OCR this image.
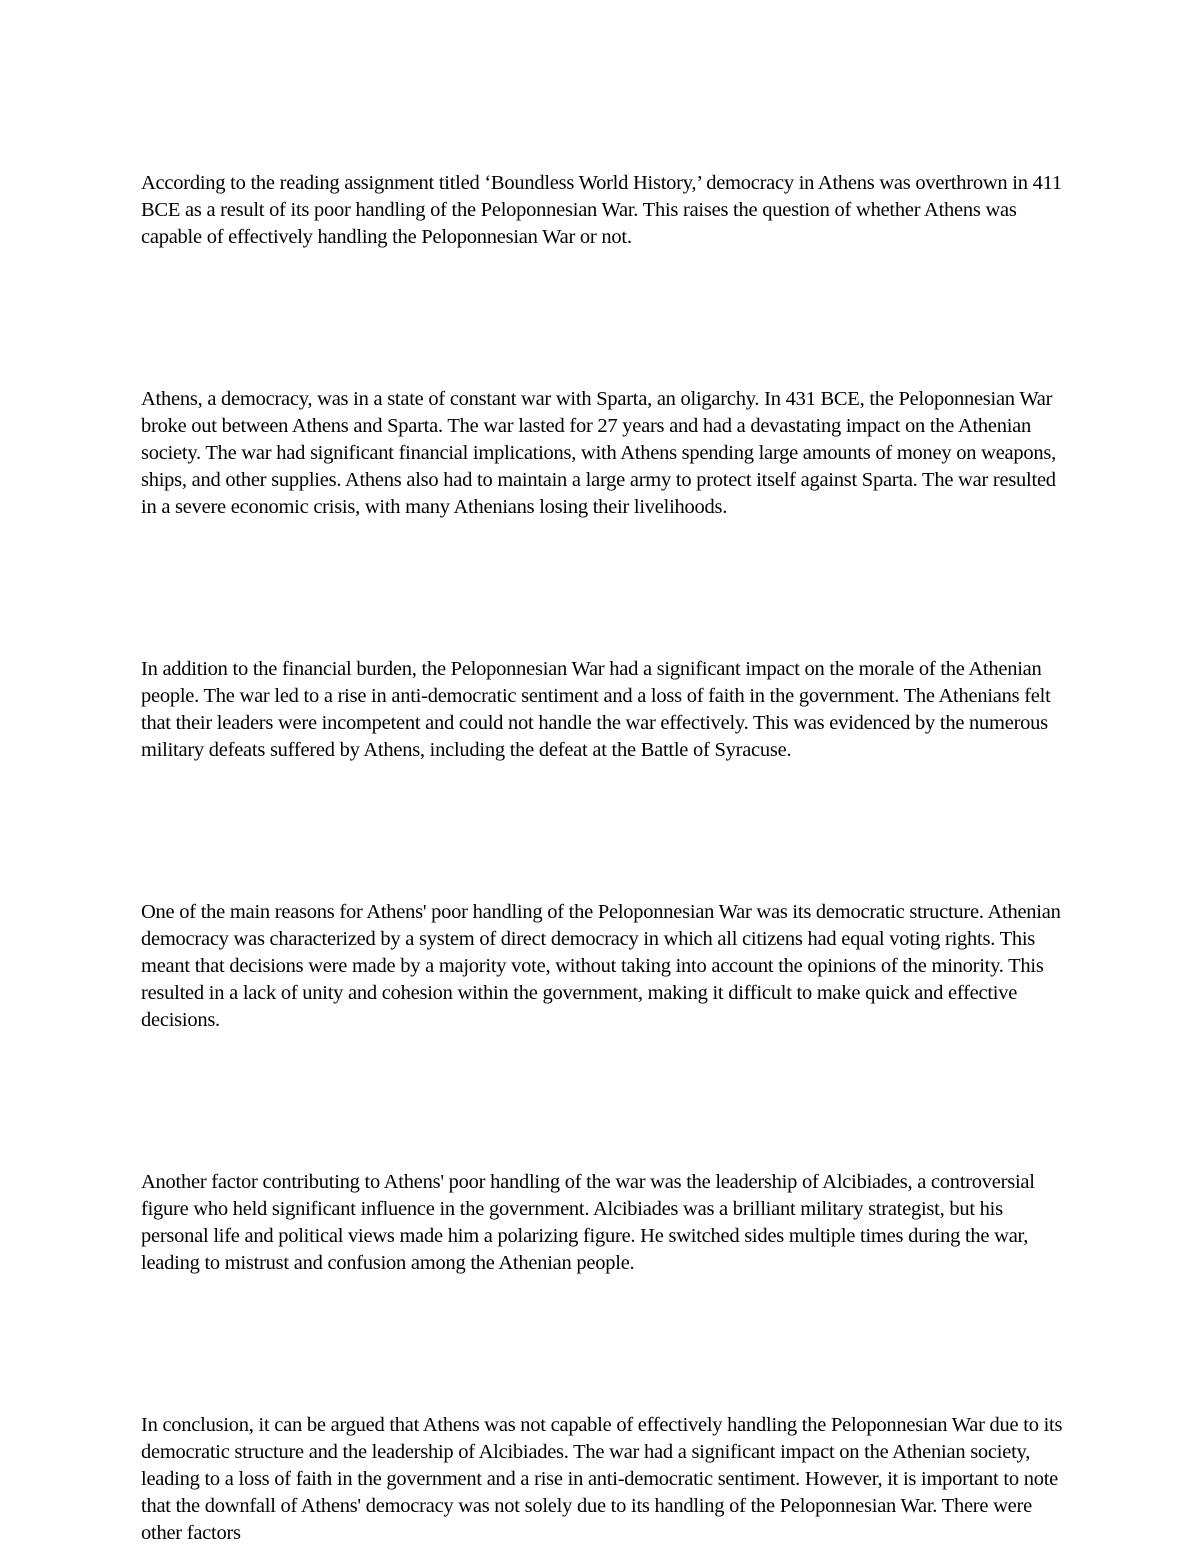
According to the reading assignment titled ‘Boundless World History,’ democracy in Athens was overthrown in 411 BCE as a result of its poor handling of the Peloponnesian War. This raises the question of whether Athens was capable of effectively handling the Peloponnesian War or not.

Athens, a democracy, was in a state of constant war with Sparta, an oligarchy. In 431 BCE, the Peloponnesian War broke out between Athens and Sparta. The war lasted for 27 years and had a devastating impact on the Athenian society. The war had significant financial implications, with Athens spending large amounts of money on weapons, ships, and other supplies. Athens also had to maintain a large army to protect itself against Sparta. The war resulted in a severe economic crisis, with many Athenians losing their livelihoods.

In addition to the financial burden, the Peloponnesian War had a significant impact on the morale of the Athenian people. The war led to a rise in anti-democratic sentiment and a loss of faith in the government. The Athenians felt that their leaders were incompetent and could not handle the war effectively. This was evidenced by the numerous military defeats suffered by Athens, including the defeat at the Battle of Syracuse.

One of the main reasons for Athens' poor handling of the Peloponnesian War was its democratic structure. Athenian democracy was characterized by a system of direct democracy in which all citizens had equal voting rights. This meant that decisions were made by a majority vote, without taking into account the opinions of the minority. This resulted in a lack of unity and cohesion within the government, making it difficult to make quick and effective decisions.

Another factor contributing to Athens' poor handling of the war was the leadership of Alcibiades, a controversial figure who held significant influence in the government. Alcibiades was a brilliant military strategist, but his personal life and political views made him a polarizing figure. He switched sides multiple times during the war, leading to mistrust and confusion among the Athenian people.

In conclusion, it can be argued that Athens was not capable of effectively handling the Peloponnesian War due to its democratic structure and the leadership of Alcibiades. The war had a significant impact on the Athenian society, leading to a loss of faith in the government and a rise in anti-democratic sentiment. However, it is important to note that the downfall of Athens' democracy was not solely due to its handling of the Peloponnesian War. There were other factors
